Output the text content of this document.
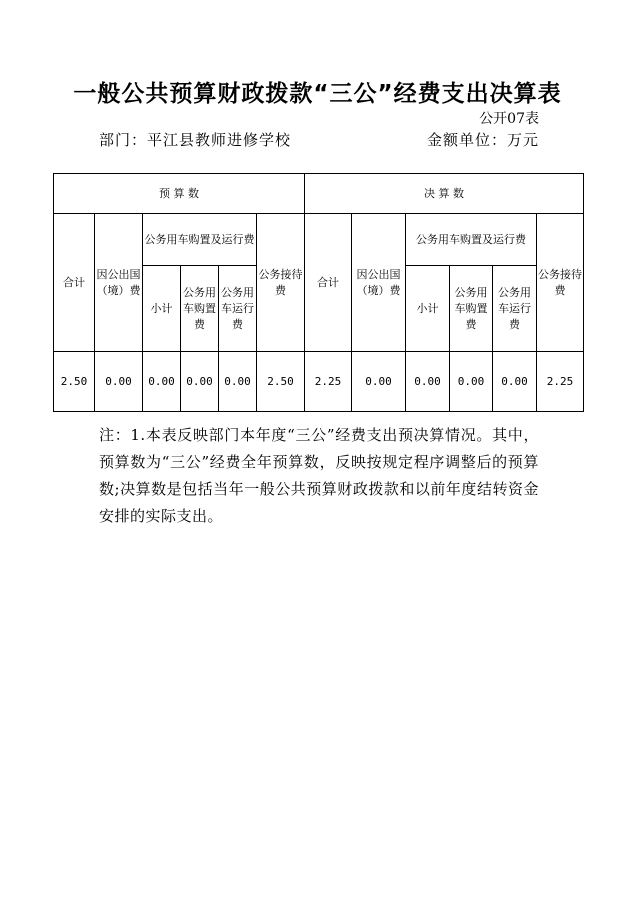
一般公共预算财政拨款“三公”经费支出决算表
公开07表
部门：平江县教师进修学校	金额单位：万元
预 算 数						决 算 数					
合计	因公出国（境）费	公务用车购置及运行费			公务接待费	合计	因公出国（境）费	公务用车购置及运行费			公务接待费
		小计	公务用车购置费	公务用车运行费				小计	公务用车购置费	公务用车运行费	
2.50	0.00	0.00	0.00	0.00	2.50	2.25	0.00	0.00	0.00	0.00	2.25
注：1.本表反映部门本年度“三公”经费支出预决算情况。其中，预算数为“三公”经费全年预算数，反映按规定程序调整后的预算数;决算数是包括当年一般公共预算财政拨款和以前年度结转资金安排的实际支出。
